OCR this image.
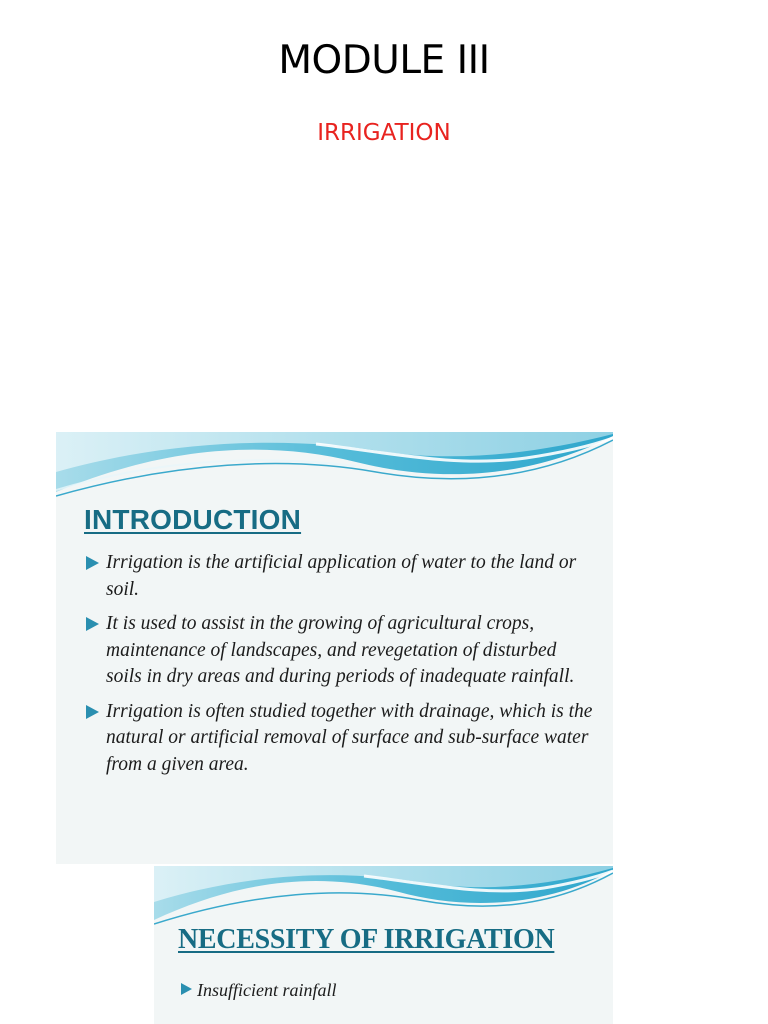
MODULE III
IRRIGATION
INTRODUCTION
Irrigation is the artificial application of water to the land or soil.
It is used to assist in the growing of agricultural crops, maintenance of landscapes, and revegetation of disturbed soils in dry areas and during periods of inadequate rainfall.
Irrigation is often studied together with drainage, which is the natural or artificial removal of surface and sub-surface water from a given area.
NECESSITY OF IRRIGATION
Insufficient rainfall
